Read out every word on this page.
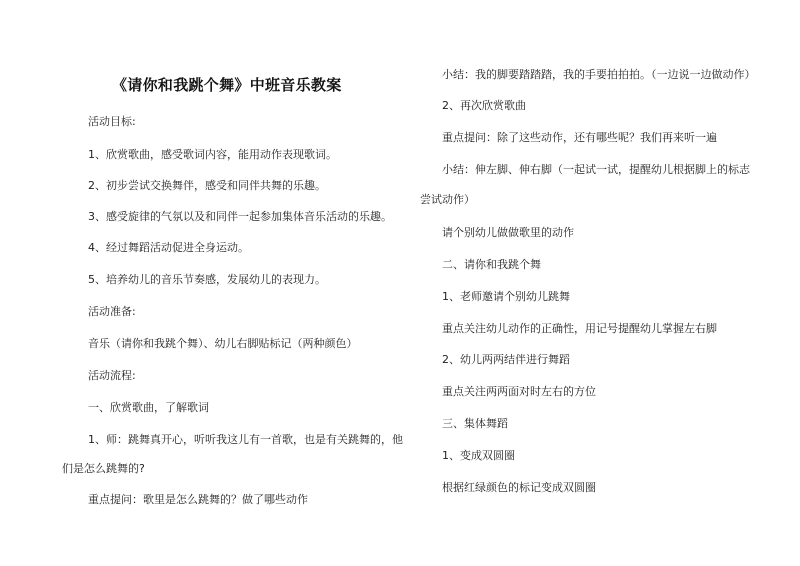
《请你和我跳个舞》中班音乐教案
活动目标:
1、欣赏歌曲，感受歌词内容，能用动作表现歌词。
2、初步尝试交换舞伴，感受和同伴共舞的乐趣。
3、感受旋律的气氛以及和同伴一起参加集体音乐活动的乐趣。
4、经过舞蹈活动促进全身运动。
5、培养幼儿的音乐节奏感，发展幼儿的表现力。
活动准备:
音乐（请你和我跳个舞）、幼儿右脚贴标记（两种颜色）
活动流程:
一、欣赏歌曲，了解歌词
1、师：跳舞真开心，听听我这儿有一首歌，也是有关跳舞的，他
们是怎么跳舞的?
重点提问：歌里是怎么跳舞的？做了哪些动作
小结：我的脚要踏踏踏，我的手要拍拍拍。（一边说一边做动作）
2、再次欣赏歌曲
重点提问：除了这些动作，还有哪些呢？我们再来听一遍
小结：伸左脚、伸右脚（一起试一试，提醒幼儿根据脚上的标志
尝试动作）
请个别幼儿做做歌里的动作
二、请你和我跳个舞
1、老师邀请个别幼儿跳舞
重点关注幼儿动作的正确性，用记号提醒幼儿掌握左右脚
2、幼儿两两结伴进行舞蹈
重点关注两两面对时左右的方位
三、集体舞蹈
1、变成双圆圈
根据红绿颜色的标记变成双圆圈
